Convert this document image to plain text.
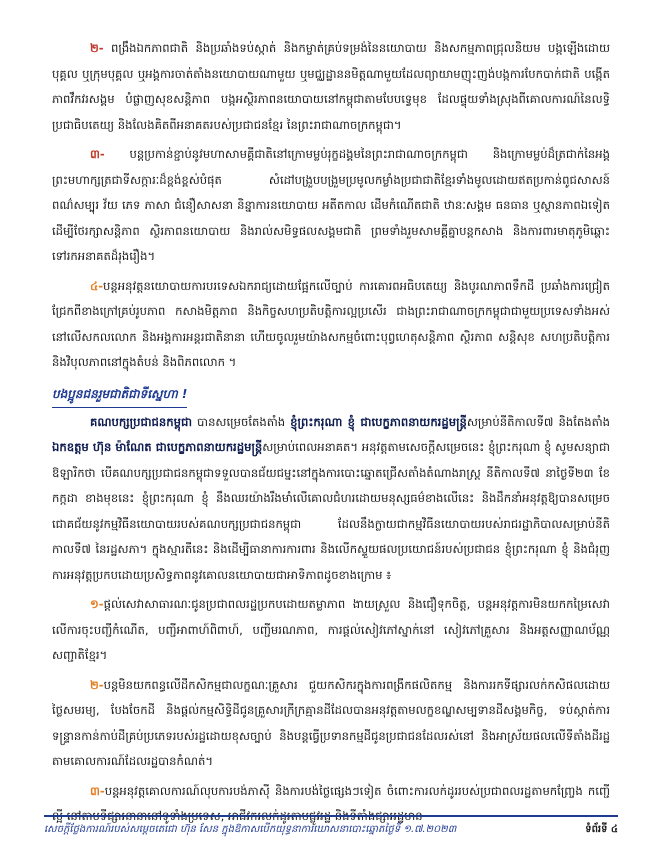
២- ពង្រឹងឯកភាពជាតិ និងប្រឆាំងទប់ស្កាត់ និងកម្ចាត់គ្រប់ទម្រង់នៃនយោបាយ និងសកម្មភាពជ្រុលនិយម បង្កឡើងដោយបុគ្គល ឬក្រុមបុគ្គល ឬអង្គការចាត់តាំងនយោបាយណាមួយ ឬមជ្ឈដ្ឋាននមិត្តណាមួយដែលព្យាយាមញុះញង់បង្កការបែកបាក់ជាតិ បង្កើតភាពវឹកវរសង្គម បំផ្លាញសុខសន្តិភាព បង្កអស្ថិរភាពនយោបាយនៅកម្ពុជាតាមបែបទ្វេមុខ ដែលផ្ទុយទាំងស្រុងពីគោលការណ៍នៃលទ្ធិប្រជាធិបតេយ្យ និងលែងគិតពីអនាគតរបស់ប្រជាជនខ្មែរ នៃព្រះរាជាណាចក្រកម្ពុជា។

៣- បន្តប្រកាន់ខ្ជាប់នូវមហាសាមគ្គីជាតិនៅក្រោមម្លប់រុក្ខដង្គមនៃព្រះរាជាណាចក្រកម្ពុជា និងក្រោមម្លប់ដ៏ត្រជាក់នៃអង្គព្រះមហាក្សត្រជាទីសក្ការៈដ៏ខ្ពង់ខ្ពស់បំផុត សំដៅបង្រួបបង្រួមប្រមូលកម្លាំងប្រជាជាតិខ្មែរទាំងមូលដោយឥតប្រកាន់ពូជសាសន៍ ពណ៌សម្បុរ វ័យ ភេទ ភាសា ជំនឿសាសនា និន្នាការនយោបាយ អតីតកាល ដើមកំណើតជាតិ ឋានៈសង្គម ធនធាន ឬស្ថានភាពឯទៀត ដើម្បីថែរក្សាសន្តិភាព ស្ថិរភាពនយោបាយ និងរាល់សមិទ្ធផលសង្គមជាតិ ព្រមទាំងរួមសាមគ្គីគ្នាបន្តកសាង និងការពារមាតុភូមិឆ្ពោះទៅរកអនាគតដ៏រុងរឿង។

៤-បន្តអនុវត្តនយោបាយការបរទេសឯករាជ្យដោយផ្អែកលើច្បាប់ ការគោរពអធិបតេយ្យ និងបូរណភាពទឹកដី ប្រឆាំងការជ្រៀតជ្រែកពីខាងក្រៅគ្រប់រូបភាព កសាងមិត្តភាព និងកិច្ចសហប្រតិបត្តិការល្អប្រសើរ ជាងព្រះរាជាណាចក្រកម្ពុជាជាមួយប្រទេសទាំងអស់នៅលើសកលលោក និងអង្គការអន្តរជាតិនានា ហើយចូលរួមយ៉ាងសកម្មចំពោះបុព្វហេតុសន្តិភាព ស្ថិរភាព សន្តិសុខ សហប្រតិបត្តិការ និងវិបុលភាពនៅក្នុងតំបន់ និងពិភពលោក ។

បងប្អូនជនរួមជាតិជាទីស្នេហា !

គណបក្សប្រជាជនកម្ពុជា បានសម្រេចតែងតាំង ខ្ញុំព្រះករុណា ខ្ញុំ ជាបេក្ខភាពនាយករដ្ឋមន្ត្រីសម្រាប់នីតិកាលទី៧ និងតែងតាំង ឯកឧត្តម ហ៊ុន ម៉ាណែត ជាបេក្ខភាពនាយករដ្ឋមន្ត្រីសម្រាប់ពេលអនាគត។ អនុវត្តតាមសេចក្តីសម្រេចនេះ ខ្ញុំព្រះករុណា ខ្ញុំ សូមសន្យាជាឱឡារិកថា បើគណបក្សប្រជាជនកម្ពុជាទទួលបានជ័យជម្នះនៅក្នុងការបោះឆ្នោតជ្រើសតាំងតំណាងរាស្ត្រ នីតិកាលទី៧ នាថ្ងៃទី២៣ ខែកក្កដា ខាងមុខនេះ ខ្ញុំព្រះករុណា ខ្ញុំ នឹងឈរយ៉ាងរឹងមាំលើគោលជំហរដោយមនុស្សធម៌ខាងលើនេះ និងដឹកនាំអនុវត្តឱ្យបានសម្រេចជោគជ័យនូវកម្មវិធីនយោបាយរបស់គណបក្សប្រជាជនកម្ពុជា ដែលនឹងក្លាយជាកម្មវិធីនយោបាយរបស់រាជរដ្ឋាភិបាលសម្រាប់នីតិកាលទី៧ នៃរដ្ឋសភា។ ក្នុងស្មារតីនេះ និងដើម្បីធានាការការពារ និងលើកស្ទួយផលប្រយោជន៍របស់ប្រជាជន ខ្ញុំព្រះករុណា ខ្ញុំ និងជំរុញការអនុវត្តប្រកបដោយប្រសិទ្ធភាពនូវគោលនយោបាយជាអាទិភាពដូចខាងក្រោម ៖

១-ផ្តល់សេវាសាធារណៈជូនប្រជាពលរដ្ឋប្រកបដោយតម្លាភាព ងាយស្រួល និងជឿទុកចិត្ត, បន្តអនុវត្តការមិនយកកម្រៃសេវាលើការចុះបញ្ជីកំណើត, បញ្ជីអាពាហ៍ពិពាហ៍, បញ្ជីមរណភាព, ការផ្តល់សៀវភៅស្នាក់នៅ សៀវភៅគ្រួសារ និងអត្តសញ្ញាណប័ណ្ណសញ្ជាតិខ្មែរ។

២-បន្តមិនយកពន្ធលើដីកសិកម្មជាលក្ខណៈគ្រួសារ ជួយកសិករក្នុងការពង្រីកផលិតកម្ម និងការរកទីផ្សារលក់កសិផលដោយថ្លៃសមរម្យ, បែងចែកដី និងផ្តល់កម្មសិទ្ធិដីជូនគ្រួសារក្រីក្រគ្មានដីដែលបានអនុវត្តតាមលក្ខខណ្ឌសម្បទានដីសង្គមកិច្ច, ទប់ស្កាត់ការទន្ទ្រានកាន់កាប់ដីគ្រប់ប្រភេទរបស់រដ្ឋដោយខុសច្បាប់ និងបន្តធ្វើប្រទានកម្មដីជូនប្រជាជនដែលរស់នៅ និងអាស្រ័យផលលើទីតាំងដីរដ្ឋតាមគោលការណ៍ដែលរដ្ឋបានកំណត់។

៣-បន្តអនុវត្តគោលការណ៍លុបការបង់ភាស៊ី និងការបង់ថ្លៃផ្សេងៗទៀត ចំពោះការលក់ដូររបស់ប្រជាពលរដ្ឋតាមកញ្ច្រែង កញ្ជើ ល្អី នៅតាមទីផ្សារនានានៅទូទាំងប្រទេស, អាជីវករលក់ដូរតាមផ្លូវរដ្ឋ និងទីតាំងផ្សាររដ្ឋមាន

សេចក្តីថ្លែងការណ៍របស់សម្តេចតេជោ ហ៊ុន សែន ក្នុងឱកាសបើកយុទ្ធនាការឃោសនាបោះឆ្នោតថ្ងៃទី ១.៧.២០២៣	ទំព័រទី ៤
